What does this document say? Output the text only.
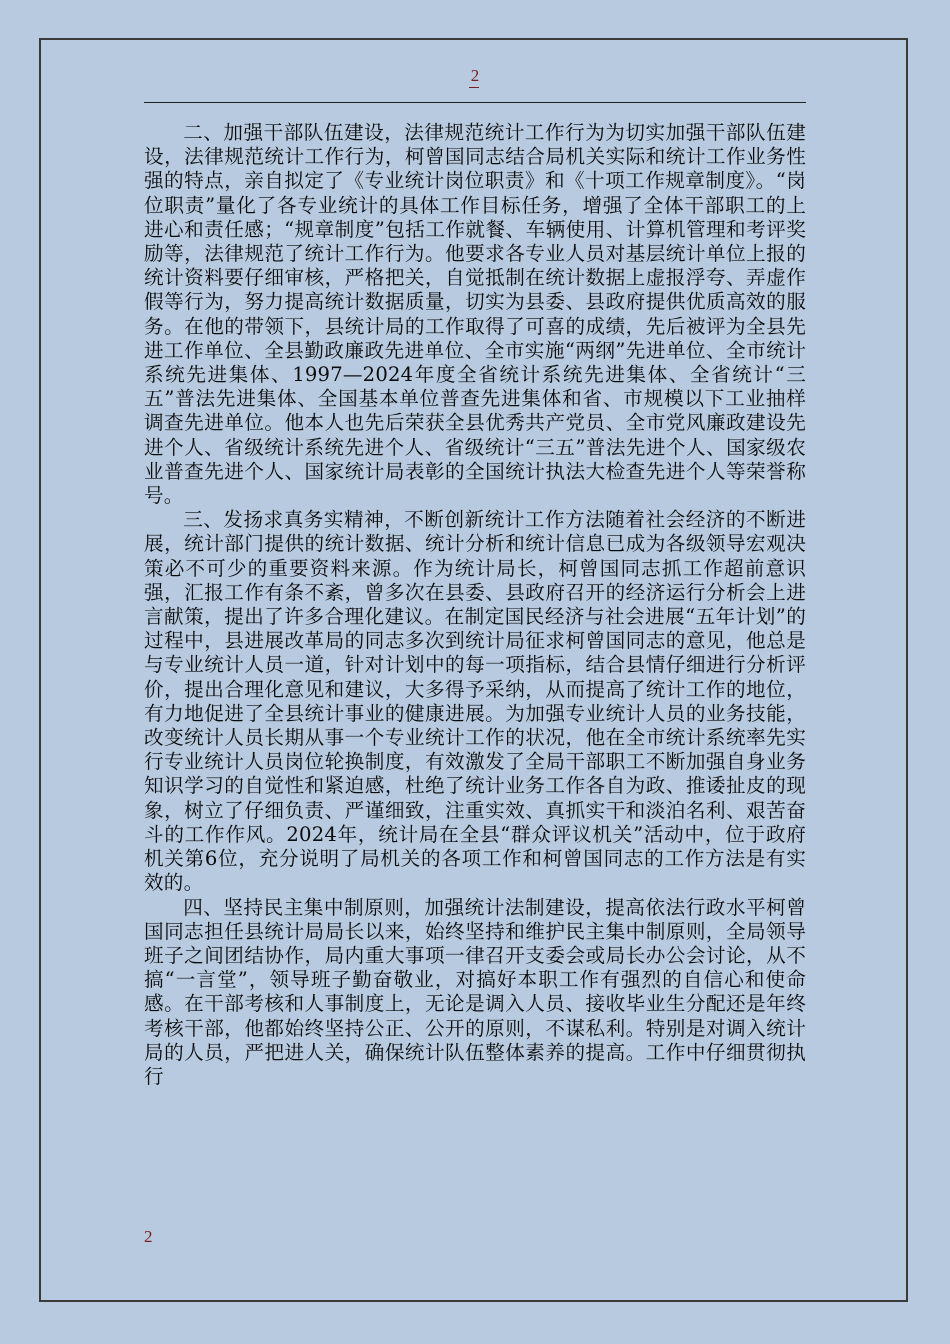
2

二、加强干部队伍建设，法律规范统计工作行为为切实加强干部队伍建设，法律规范统计工作行为，柯曾国同志结合局机关实际和统计工作业务性强的特点，亲自拟定了《专业统计岗位职责》和《十项工作规章制度》。“岗位职责”量化了各专业统计的具体工作目标任务，增强了全体干部职工的上进心和责任感；“规章制度”包括工作就餐、车辆使用、计算机管理和考评奖励等，法律规范了统计工作行为。他要求各专业人员对基层统计单位上报的统计资料要仔细审核，严格把关，自觉抵制在统计数据上虚报浮夸、弄虚作假等行为，努力提高统计数据质量，切实为县委、县政府提供优质高效的服务。在他的带领下，县统计局的工作取得了可喜的成绩，先后被评为全县先进工作单位、全县勤政廉政先进单位、全市实施“两纲”先进单位、全市统计系统先进集体、1997—2024年度全省统计系统先进集体、全省统计“三五”普法先进集体、全国基本单位普查先进集体和省、市规模以下工业抽样调查先进单位。他本人也先后荣获全县优秀共产党员、全市党风廉政建设先进个人、省级统计系统先进个人、省级统计“三五”普法先进个人、国家级农业普查先进个人、国家统计局表彰的全国统计执法大检查先进个人等荣誉称号。

三、发扬求真务实精神，不断创新统计工作方法随着社会经济的不断进展，统计部门提供的统计数据、统计分析和统计信息已成为各级领导宏观决策必不可少的重要资料来源。作为统计局长，柯曾国同志抓工作超前意识强，汇报工作有条不紊，曾多次在县委、县政府召开的经济运行分析会上进言献策，提出了许多合理化建议。在制定国民经济与社会进展“五年计划”的过程中，县进展改革局的同志多次到统计局征求柯曾国同志的意见，他总是与专业统计人员一道，针对计划中的每一项指标，结合县情仔细进行分析评价，提出合理化意见和建议，大多得予采纳，从而提高了统计工作的地位，有力地促进了全县统计事业的健康进展。为加强专业统计人员的业务技能，改变统计人员长期从事一个专业统计工作的状况，他在全市统计系统率先实行专业统计人员岗位轮换制度，有效激发了全局干部职工不断加强自身业务知识学习的自觉性和紧迫感，杜绝了统计业务工作各自为政、推诿扯皮的现象，树立了仔细负责、严谨细致，注重实效、真抓实干和淡泊名利、艰苦奋斗的工作作风。2024年，统计局在全县“群众评议机关”活动中，位于政府机关第6位，充分说明了局机关的各项工作和柯曾国同志的工作方法是有实效的。

四、坚持民主集中制原则，加强统计法制建设，提高依法行政水平柯曾国同志担任县统计局局长以来，始终坚持和维护民主集中制原则，全局领导班子之间团结协作，局内重大事项一律召开支委会或局长办公会讨论，从不搞“一言堂”，领导班子勤奋敬业，对搞好本职工作有强烈的自信心和使命感。在干部考核和人事制度上，无论是调入人员、接收毕业生分配还是年终考核干部，他都始终坚持公正、公开的原则，不谋私利。特别是对调入统计局的人员，严把进人关，确保统计队伍整体素养的提高。工作中仔细贯彻执行

2
